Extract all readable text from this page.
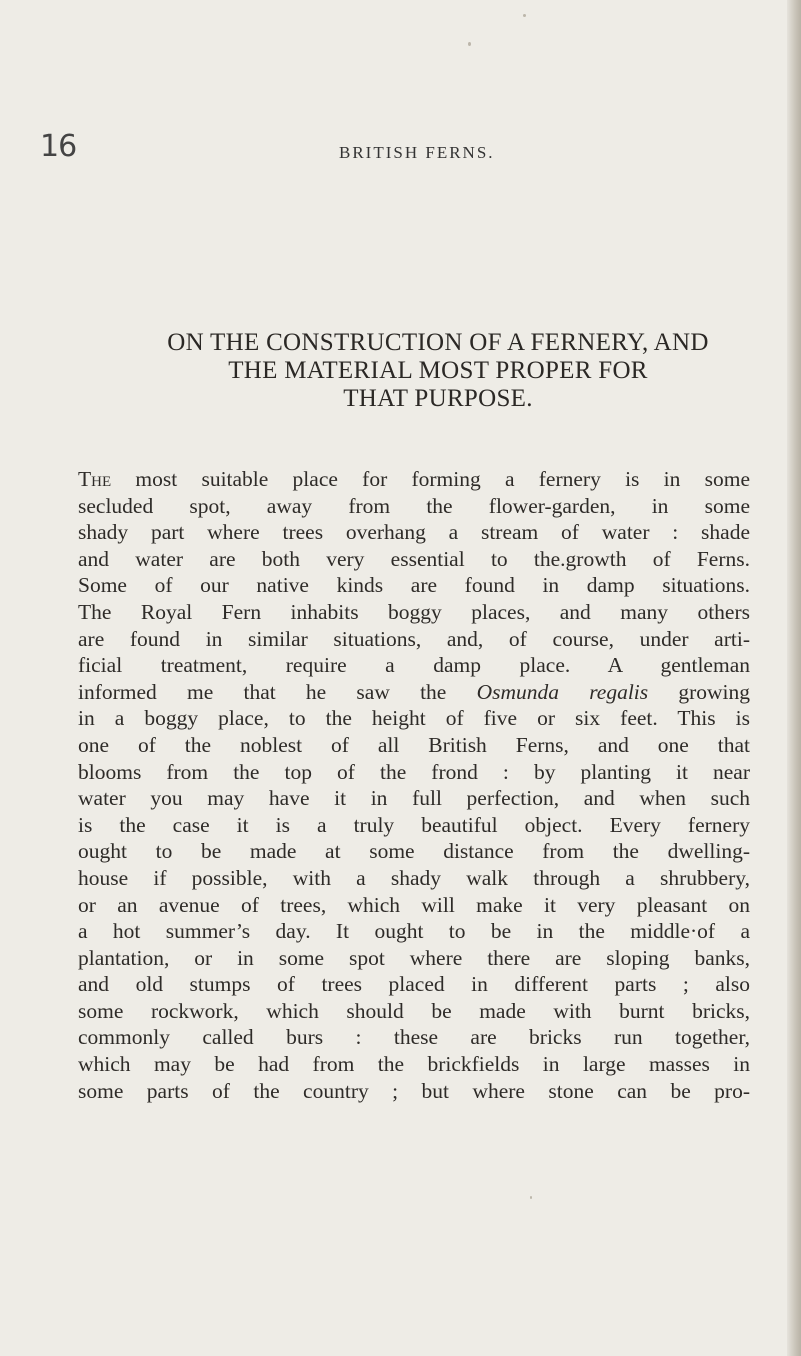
16	BRITISH FERNS.
ON THE CONSTRUCTION OF A FERNERY, AND
THE MATERIAL MOST PROPER FOR
THAT PURPOSE.
The most suitable place for forming a fernery is in some
secluded spot, away from the flower-garden, in some
shady part where trees overhang a stream of water : shade
and water are both very essential to the.growth of Ferns.
Some of our native kinds are found in damp situations.
The Royal Fern inhabits boggy places, and many others
are found in similar situations, and, of course, under arti-
ficial treatment, require a damp place. A gentleman
informed me that he saw the Osmunda regalis growing
in a boggy place, to the height of five or six feet. This is
one of the noblest of all British Ferns, and one that
blooms from the top of the frond : by planting it near
water you may have it in full perfection, and when such
is the case it is a truly beautiful object. Every fernery
ought to be made at some distance from the dwelling-
house if possible, with a shady walk through a shrubbery,
or an avenue of trees, which will make it very pleasant on
a hot summer’s day. It ought to be in the middle·of a
plantation, or in some spot where there are sloping banks,
and old stumps of trees placed in different parts ; also
some rockwork, which should be made with burnt bricks,
commonly called burs : these are bricks run together,
which may be had from the brickfields in large masses in
some parts of the country ; but where stone can be pro-
